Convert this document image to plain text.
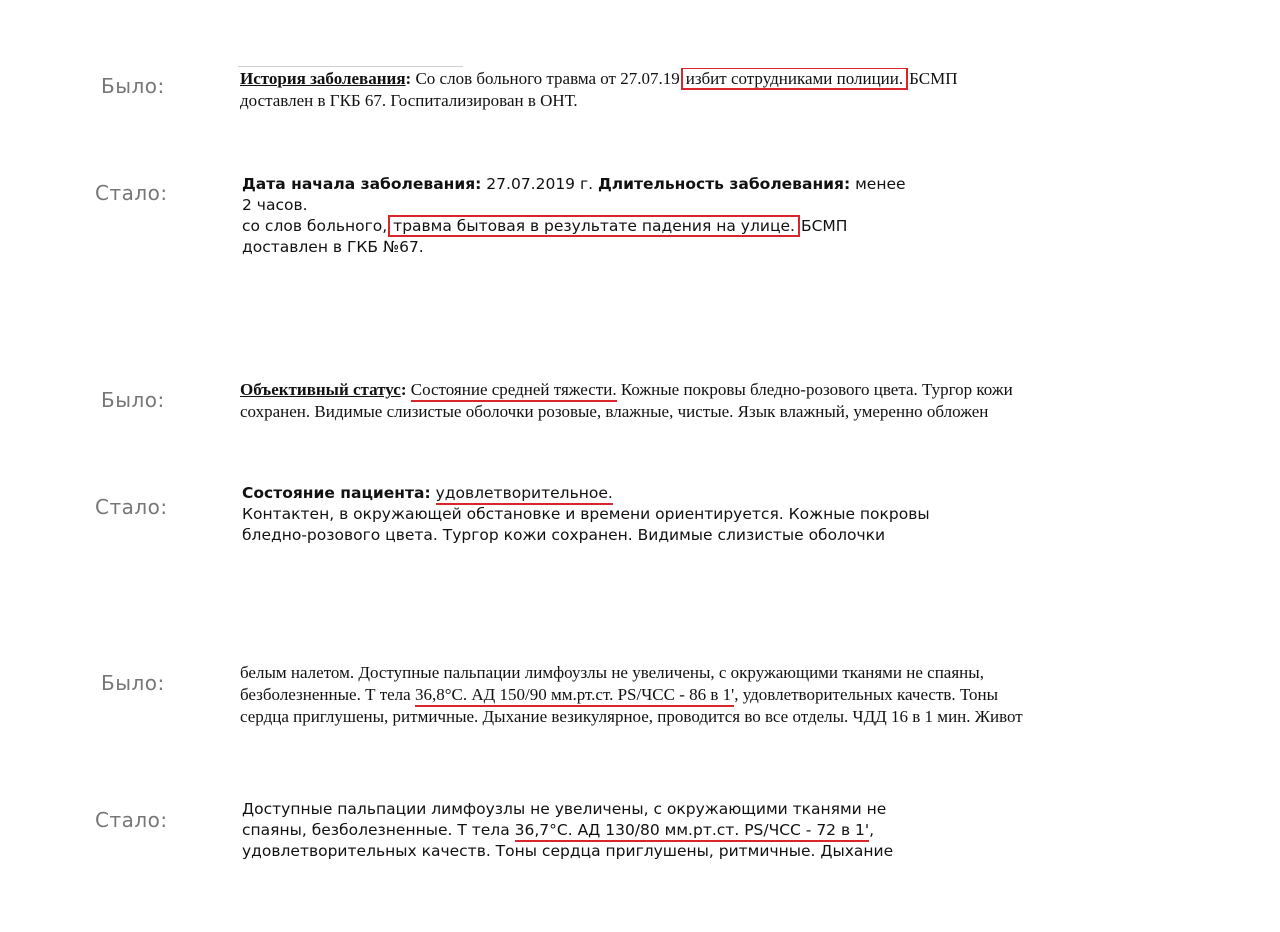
Было:
Стало:
Было:
Стало:
Было:
Стало:
История заболевания: Со слов больного травма от 27.07.19 избит сотрудниками полиции. БСМП
доставлен в ГКБ 67. Госпитализирован в ОНТ.
Дата начала заболевания: 27.07.2019 г. Длительность заболевания: менее
2 часов.
со слов больного, травма бытовая в результате падения на улице. БСМП
доставлен в ГКБ №67.
Объективный статус: Состояние средней тяжести. Кожные покровы бледно-розового цвета. Тургор кожи
сохранен. Видимые слизистые оболочки розовые, влажные, чистые. Язык влажный, умеренно обложен
Состояние пациента: удовлетворительное.
Контактен, в окружающей обстановке и времени ориентируется. Кожные покровы
бледно-розового цвета. Тургор кожи сохранен. Видимые слизистые оболочки
белым налетом. Доступные пальпации лимфоузлы не увеличены, с окружающими тканями не спаяны,
безболезненные. Т тела 36,8°С. АД 150/90 мм.рт.ст. PS/ЧСС - 86 в 1', удовлетворительных качеств. Тоны
сердца приглушены, ритмичные. Дыхание везикулярное, проводится во все отделы. ЧДД 16 в 1 мин. Живот
Доступные пальпации лимфоузлы не увеличены, с окружающими тканями не
спаяны, безболезненные. Т тела 36,7°С. АД 130/80 мм.рт.ст. PS/ЧСС - 72 в 1',
удовлетворительных качеств. Тоны сердца приглушены, ритмичные. Дыхание
